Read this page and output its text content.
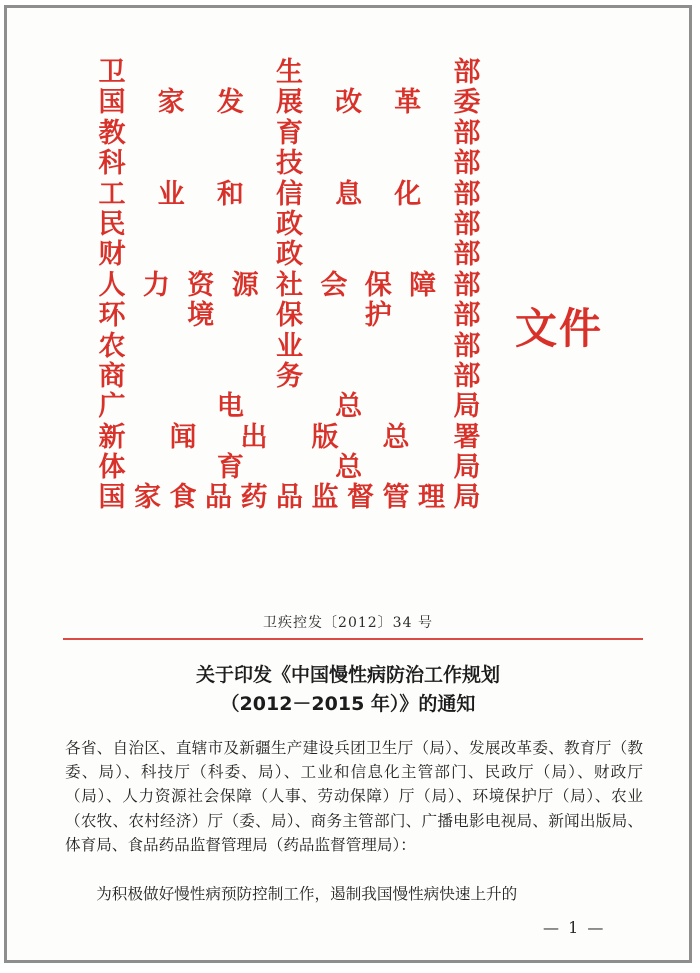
卫	生	部
国 家 发 展 改 革 委
教	育	部
科	技	部
工 业 和 信 息 化 部
民	政	部
财	政	部
人 力 资 源 社 会 保 障 部
环 境 保 护 部
农	业	部
商	务	部
广	电	总	局
新 闻 出 版 总 署
体	育	总	局
国 家 食 品 药 品 监 督 管 理 局
文件
卫疾控发〔2012〕34 号
关于印发《中国慢性病防治工作规划
（2012－2015 年）》的通知
各省、自治区、直辖市及新疆生产建设兵团卫生厅（局）、发展改革委、教育厅（教委、局）、科技厅（科委、局）、工业和信息化主管部门、民政厅（局）、财政厅（局）、人力资源社会保障（人事、劳动保障）厅（局）、环境保护厅（局）、农业（农牧、农村经济）厅（委、局）、商务主管部门、广播电影电视局、新闻出版局、体育局、食品药品监督管理局（药品监督管理局）：
为积极做好慢性病预防控制工作，遏制我国慢性病快速上升的
— 1 —
